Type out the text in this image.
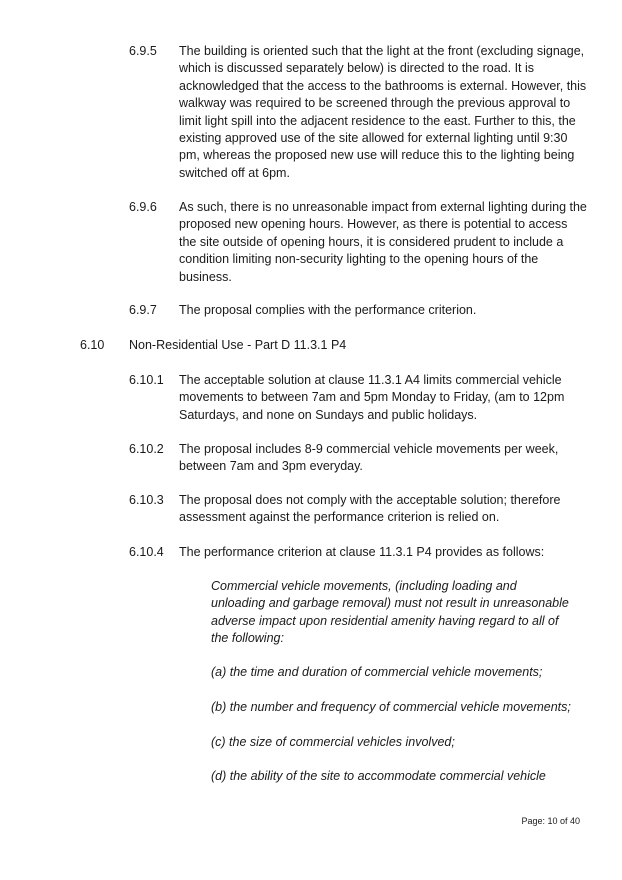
6.9.5 The building is oriented such that the light at the front (excluding signage,
which is discussed separately below) is directed to the road. It is
acknowledged that the access to the bathrooms is external. However, this
walkway was required to be screened through the previous approval to
limit light spill into the adjacent residence to the east. Further to this, the
existing approved use of the site allowed for external lighting until 9:30
pm, whereas the proposed new use will reduce this to the lighting being
switched off at 6pm.
6.9.6 As such, there is no unreasonable impact from external lighting during the
proposed new opening hours. However, as there is potential to access
the site outside of opening hours, it is considered prudent to include a
condition limiting non-security lighting to the opening hours of the
business.
6.9.7 The proposal complies with the performance criterion.
6.10 Non-Residential Use - Part D 11.3.1 P4
6.10.1 The acceptable solution at clause 11.3.1 A4 limits commercial vehicle
movements to between 7am and 5pm Monday to Friday, (am to 12pm
Saturdays, and none on Sundays and public holidays.
6.10.2 The proposal includes 8-9 commercial vehicle movements per week,
between 7am and 3pm everyday.
6.10.3 The proposal does not comply with the acceptable solution; therefore
assessment against the performance criterion is relied on.
6.10.4 The performance criterion at clause 11.3.1 P4 provides as follows:
Commercial vehicle movements, (including loading and
unloading and garbage removal) must not result in unreasonable
adverse impact upon residential amenity having regard to all of
the following:
(a) the time and duration of commercial vehicle movements;
(b) the number and frequency of commercial vehicle movements;
(c) the size of commercial vehicles involved;
(d) the ability of the site to accommodate commercial vehicle
Page: 10 of 40
